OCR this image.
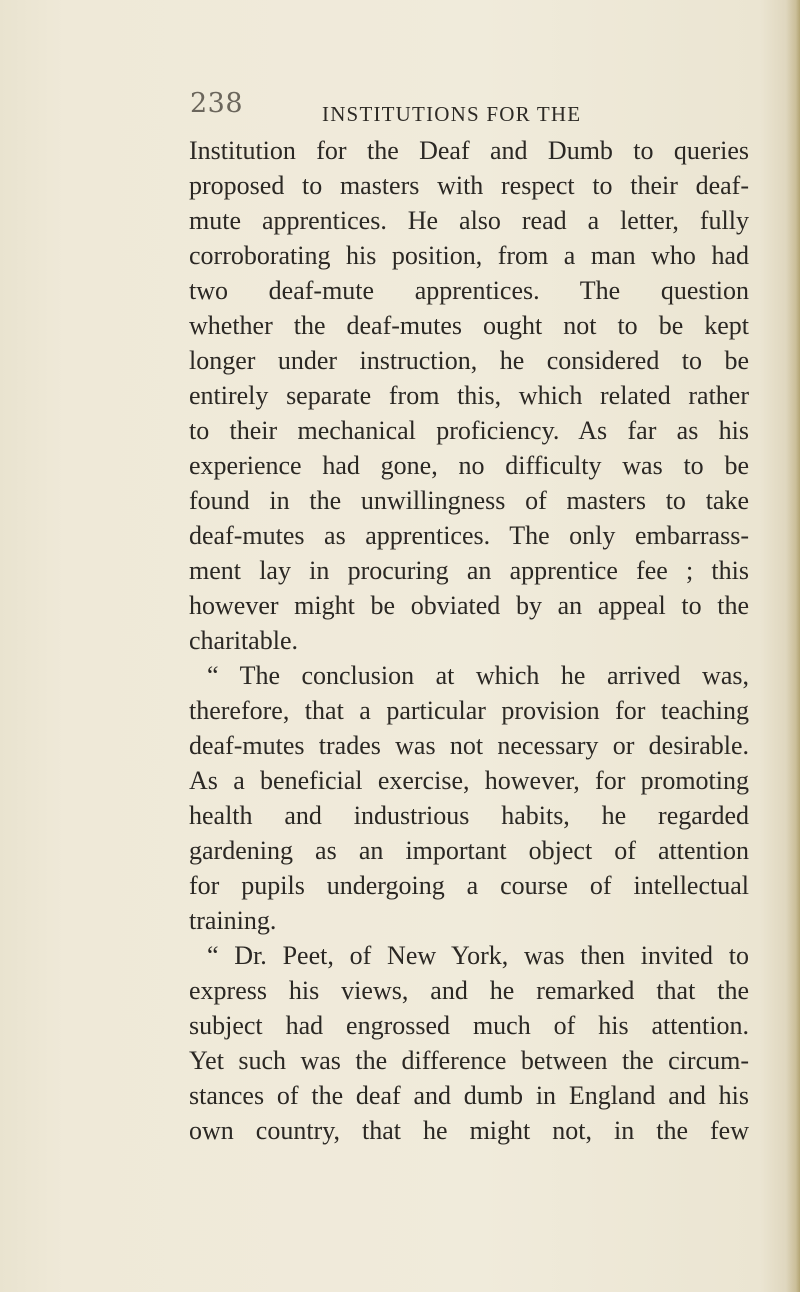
238	INSTITUTIONS FOR THE
Institution for the Deaf and Dumb to queries
proposed to masters with respect to their deaf-
mute apprentices. He also read a letter, fully
corroborating his position, from a man who had
two deaf-mute apprentices. The question
whether the deaf-mutes ought not to be kept
longer under instruction, he considered to be
entirely separate from this, which related rather
to their mechanical proficiency. As far as his
experience had gone, no difficulty was to be
found in the unwillingness of masters to take
deaf-mutes as apprentices. The only embarrass-
ment lay in procuring an apprentice fee ; this
however might be obviated by an appeal to the
charitable.
“ The conclusion at which he arrived was,
therefore, that a particular provision for teaching
deaf-mutes trades was not necessary or desirable.
As a beneficial exercise, however, for promoting
health and industrious habits, he regarded
gardening as an important object of attention
for pupils undergoing a course of intellectual
training.
“ Dr. Peet, of New York, was then invited to
express his views, and he remarked that the
subject had engrossed much of his attention.
Yet such was the difference between the circum-
stances of the deaf and dumb in England and his
own country, that he might not, in the few
